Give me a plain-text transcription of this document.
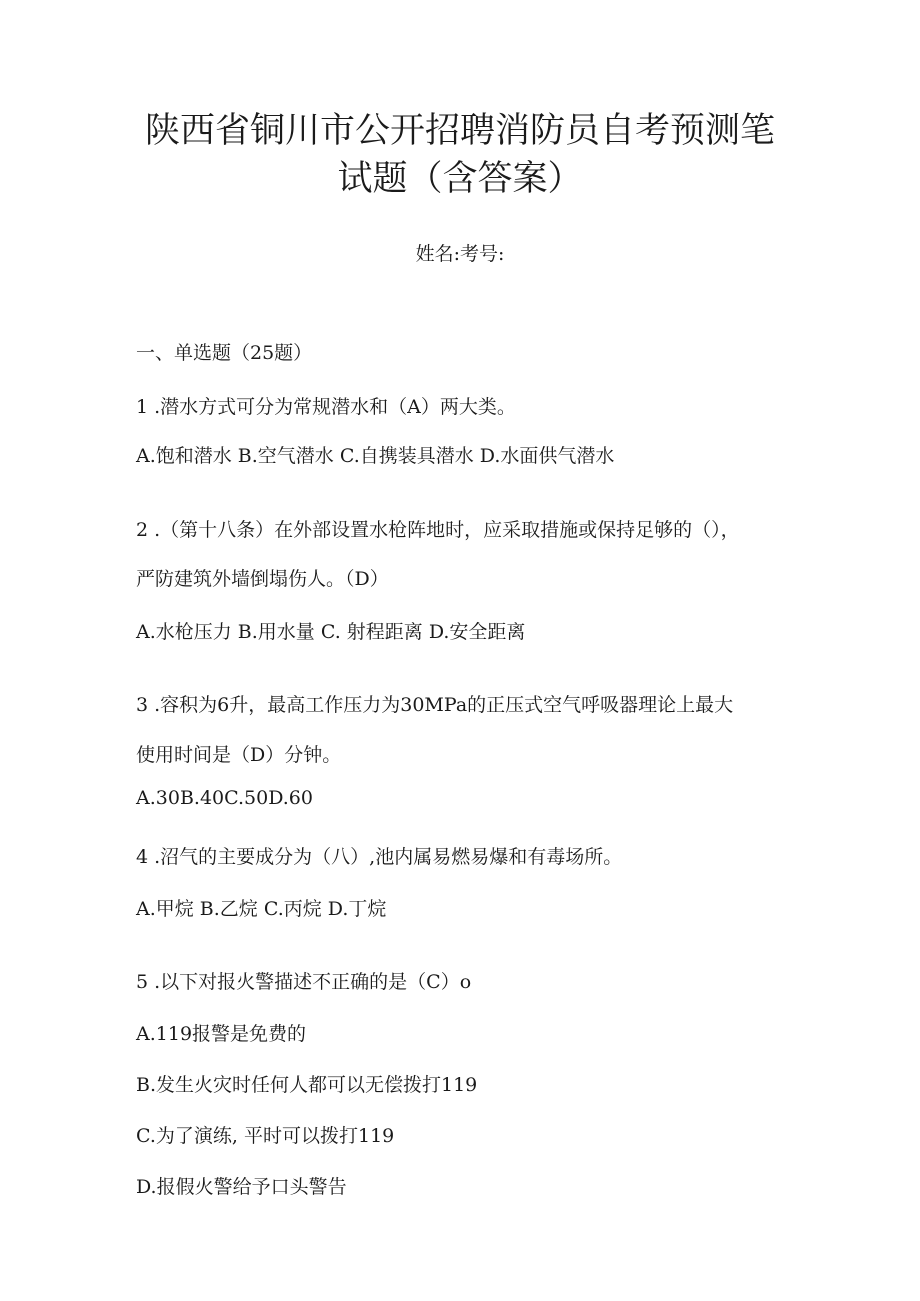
陕西省铜川市公开招聘消防员自考预测笔
试题（含答案）
姓名:考号:
一、单选题（25题）
1 .潜水方式可分为常规潜水和（A）两大类。
A.饱和潜水 B.空气潜水 C.自携装具潜水 D.水面供气潜水
2 .（第十八条）在外部设置水枪阵地时，应采取措施或保持足够的（），
严防建筑外墙倒塌伤人。（D）
A.水枪压力 B.用水量 C. 射程距离 D.安全距离
3 .容积为6升，最高工作压力为30MPa的正压式空气呼吸器理论上最大
使用时间是（D）分钟。
A.30B.40C.50D.60
4 .沼气的主要成分为（八）,池内属易燃易爆和有毒场所。
A.甲烷 B.乙烷 C.丙烷 D.丁烷
5 .以下对报火警描述不正确的是（C）o
A.119报警是免费的
B.发生火灾时任何人都可以无偿拨打119
C.为了演练, 平时可以拨打119
D.报假火警给予口头警告
